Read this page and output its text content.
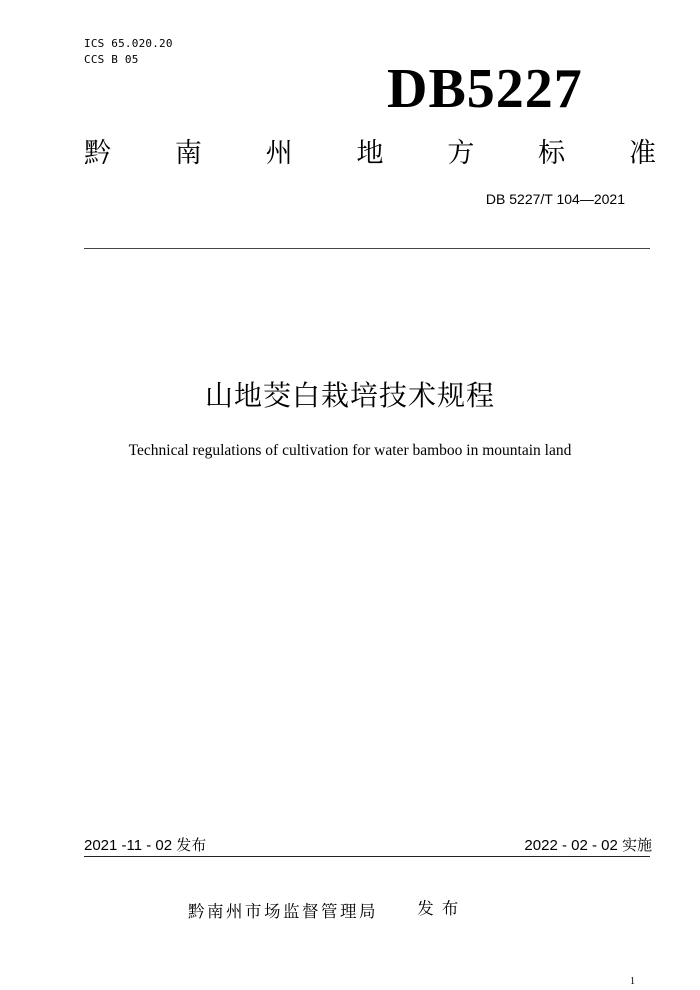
ICS 65.020.20
CCS B 05	DB5227
黔 南 州 地 方 标 准
DB 5227/T 104—2021
山地茭白栽培技术规程
Technical regulations of cultivation for water bamboo in mountain land
2021 -11 - 02 发布	2022 - 02 - 02 实施
黔南州市场监督管理局 发布
1
